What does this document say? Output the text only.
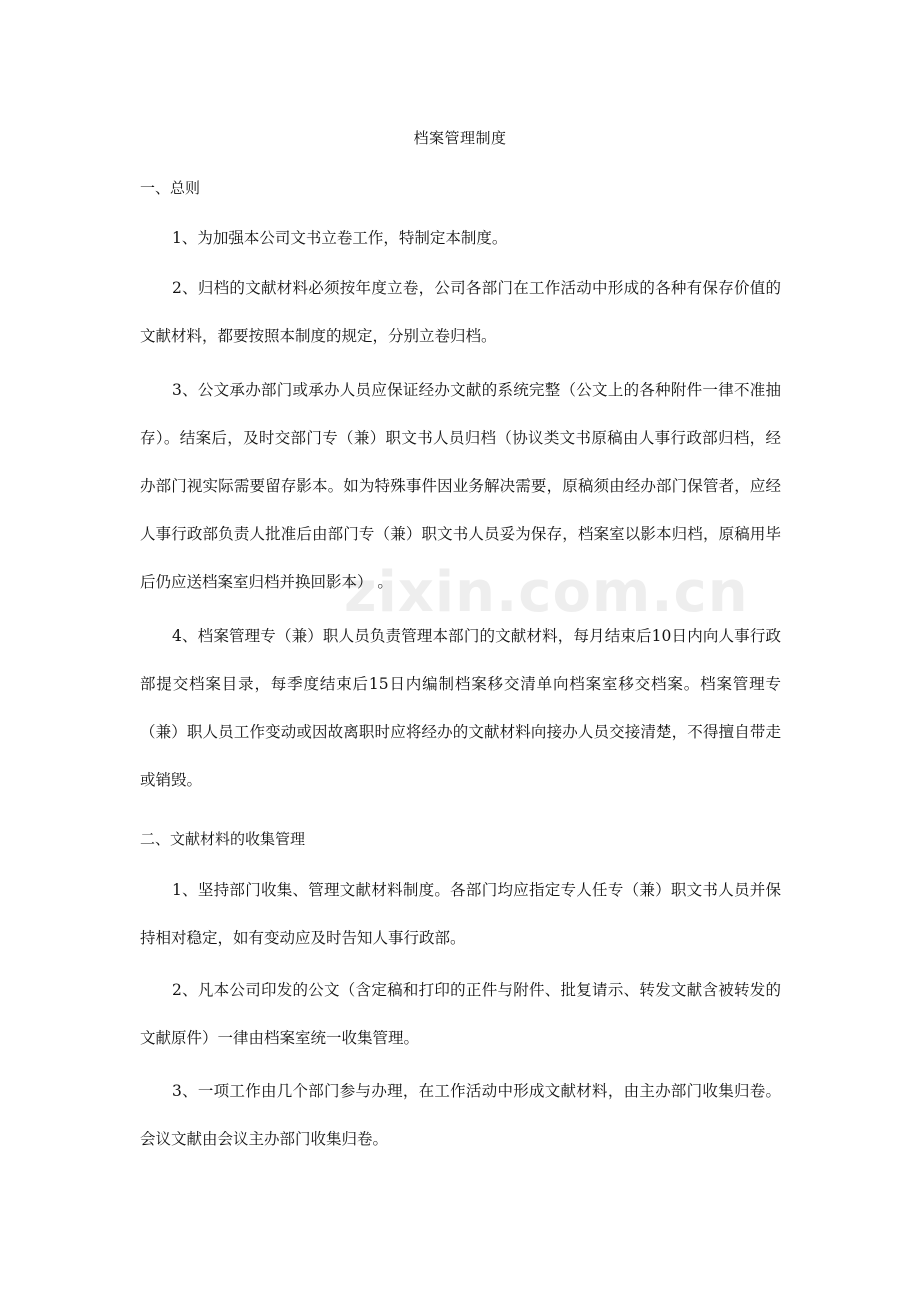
zixin.com.cn
档案管理制度
一、总则
1、为加强本公司文书立卷工作，特制定本制度。
2、归档的文献材料必须按年度立卷，公司各部门在工作活动中形成的各种有保存价值的文献材料，都要按照本制度的规定，分别立卷归档。
3、公文承办部门或承办人员应保证经办文献的系统完整（公文上的各种附件一律不准抽存）。结案后，及时交部门专（兼）职文书人员归档（协议类文书原稿由人事行政部归档，经办部门视实际需要留存影本。如为特殊事件因业务解决需要，原稿须由经办部门保管者，应经人事行政部负责人批准后由部门专（兼）职文书人员妥为保存，档案室以影本归档，原稿用毕后仍应送档案室归档并换回影本） 。
4、档案管理专（兼）职人员负责管理本部门的文献材料，每月结束后10日内向人事行政部提交档案目录，每季度结束后15日内编制档案移交清单向档案室移交档案。档案管理专（兼）职人员工作变动或因故离职时应将经办的文献材料向接办人员交接清楚，不得擅自带走或销毁。
二、文献材料的收集管理
1、坚持部门收集、管理文献材料制度。各部门均应指定专人任专（兼）职文书人员并保持相对稳定，如有变动应及时告知人事行政部。
2、凡本公司印发的公文（含定稿和打印的正件与附件、批复请示、转发文献含被转发的文献原件）一律由档案室统一收集管理。
3、一项工作由几个部门参与办理，在工作活动中形成文献材料，由主办部门收集归卷。会议文献由会议主办部门收集归卷。
